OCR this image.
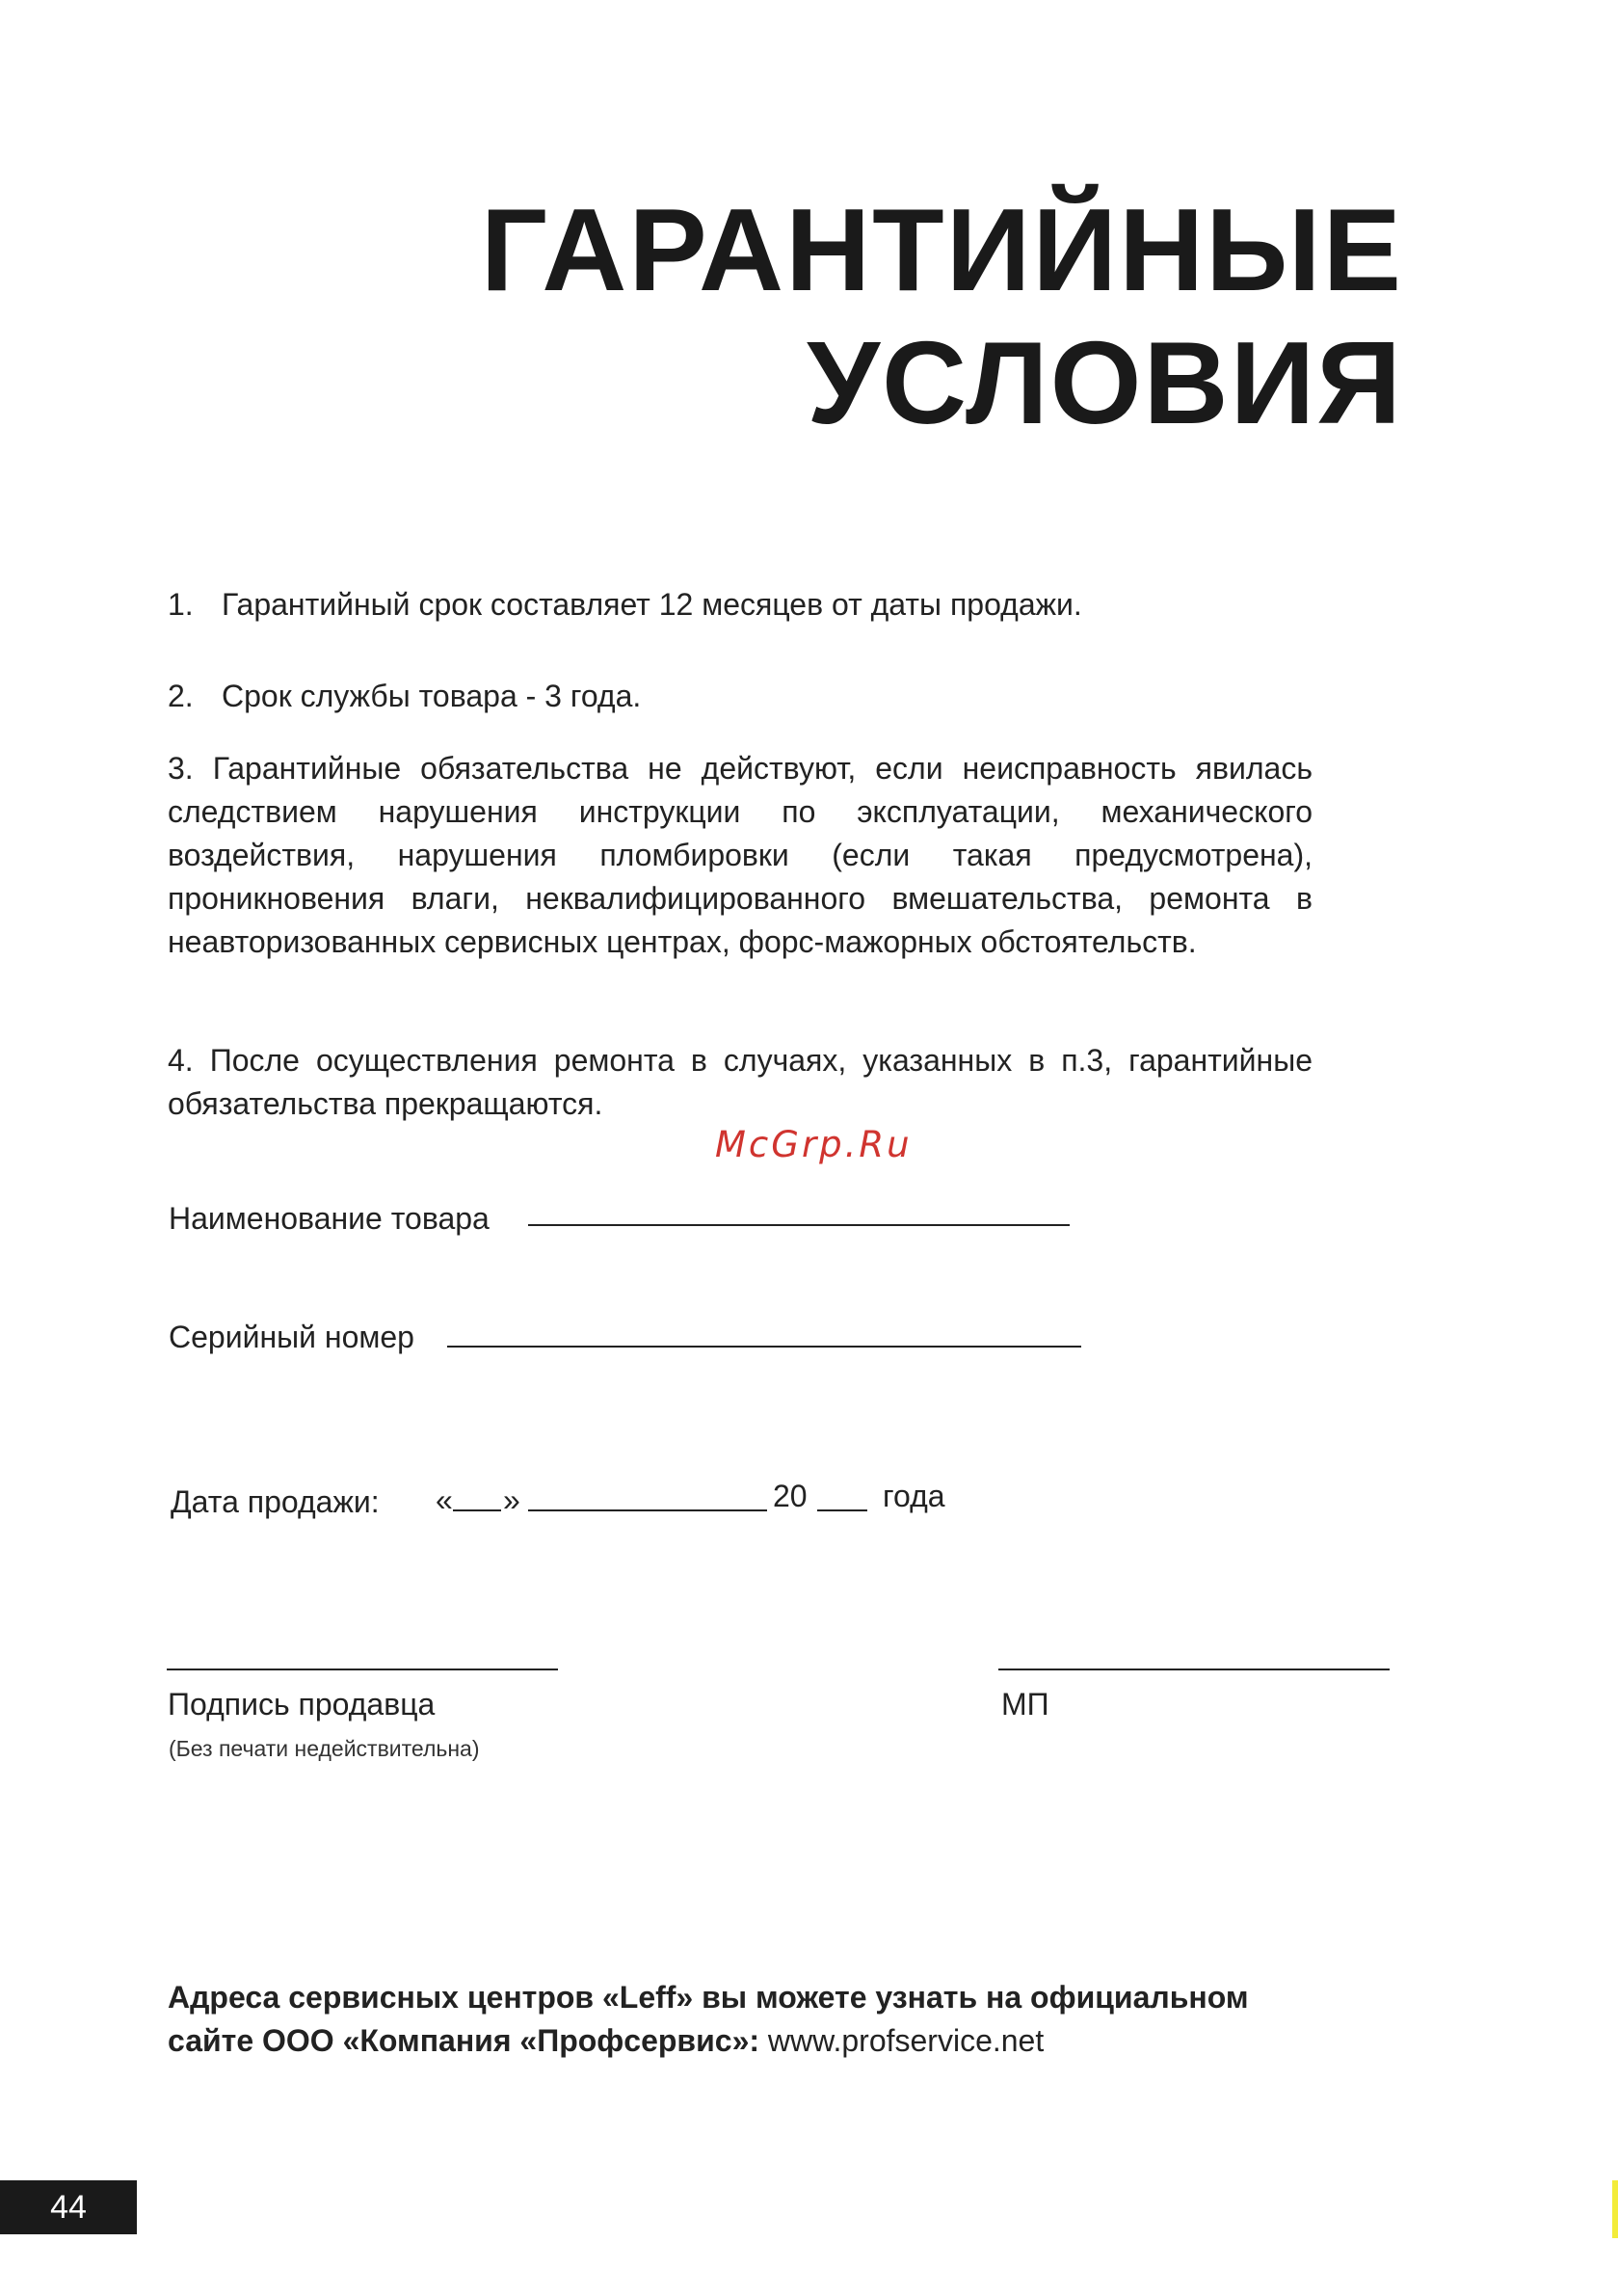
ГАРАНТИЙНЫЕ
УСЛОВИЯ
1. Гарантийный срок составляет 12 месяцев от даты продажи.
2. Срок службы товара - 3 года.
3. Гарантийные обязательства не действуют, если неисправность явилась следствием нарушения инструкции по эксплуатации, механического воздействия, нарушения пломбировки (если такая предусмотрена), проникновения влаги, неквалифицированного вмешательства, ремонта в неавторизованных сервисных центрах, форс-мажорных обстоятельств.
4. После осуществления ремонта в случаях, указанных в п.3, гарантийные обязательства прекращаются.
McGrp.Ru
Наименование товара
Серийный номер
Дата продажи: « »	20 года
Подпись продавца
(Без печати недействительна)
МП
Адреса сервисных центров «Leff» вы можете узнать на официальном сайте ООО «Компания «Профсервис»: www.profservice.net
44
